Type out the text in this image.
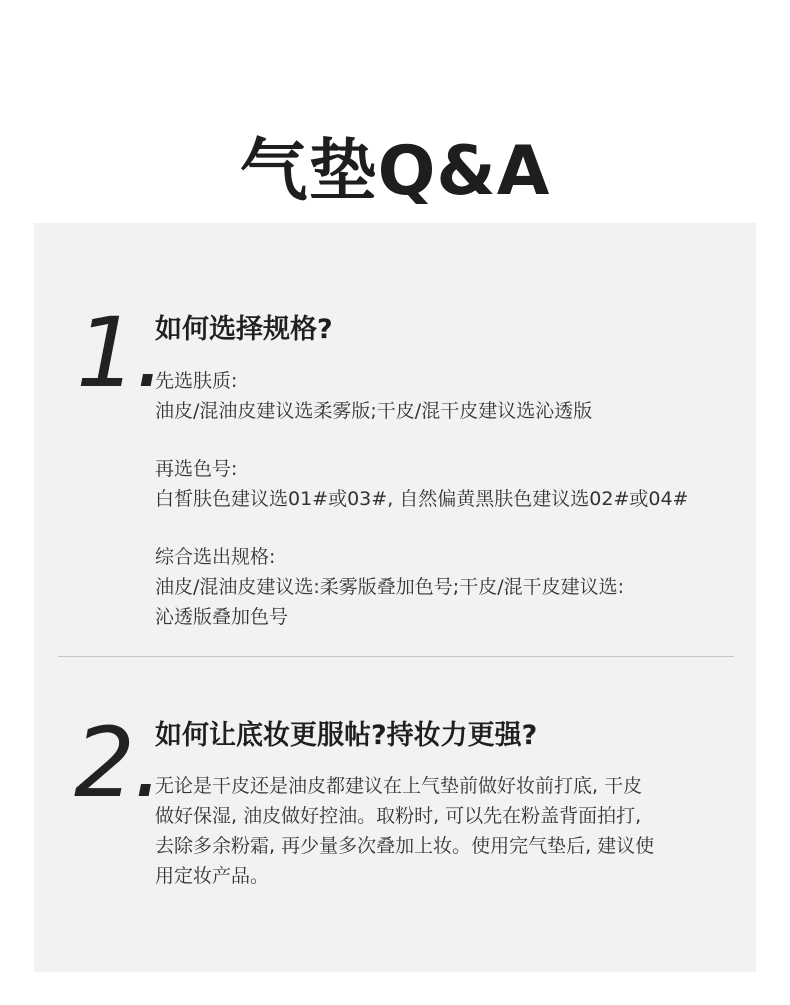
气垫Q&A
1.
如何选择规格?

先选肤质:
油皮/混油皮建议选柔雾版;干皮/混干皮建议选沁透版

再选色号:
白皙肤色建议选01#或03#, 自然偏黄黑肤色建议选02#或04#

综合选出规格:
油皮/混油皮建议选:柔雾版叠加色号;干皮/混干皮建议选:
沁透版叠加色号

2.
如何让底妆更服帖?持妆力更强?

无论是干皮还是油皮都建议在上气垫前做好妆前打底, 干皮
做好保湿, 油皮做好控油。取粉时, 可以先在粉盖背面拍打,
去除多余粉霜, 再少量多次叠加上妆。使用完气垫后, 建议使
用定妆产品。
